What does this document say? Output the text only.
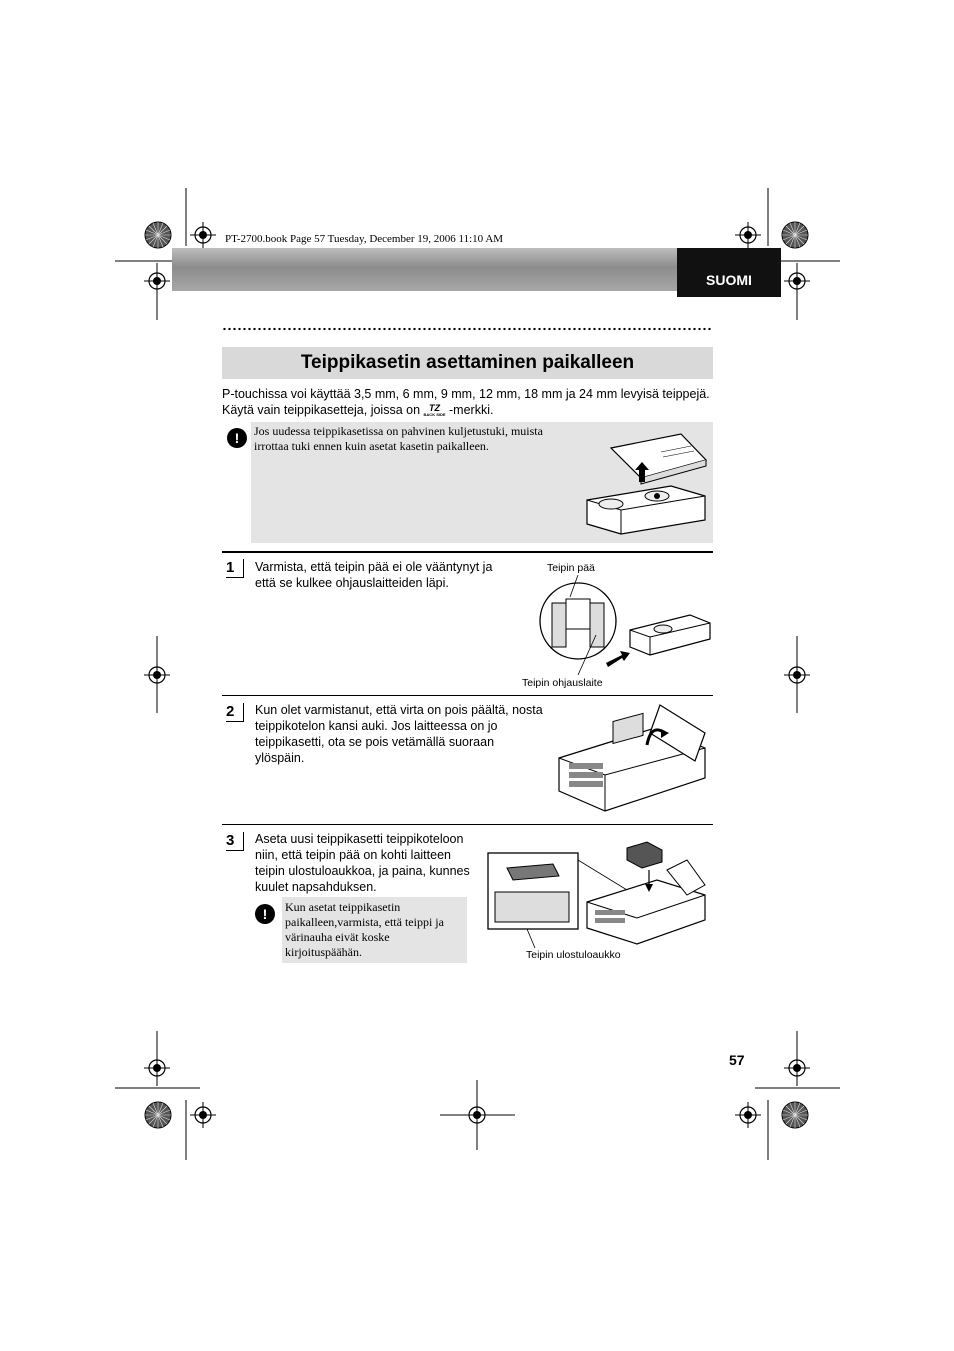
PT-2700.book Page 57 Tuesday, December 19, 2006 11:10 AM
SUOMI
Teippikasetin asettaminen paikalleen
P-touchissa voi käyttää 3,5 mm, 6 mm, 9 mm, 12 mm, 18 mm ja 24 mm levyisä teippejä.
Käytä vain teippikasetteja, joissa on TZ
BACK SIDE -merkki.
!	Jos uudessa teippikasetissa on pahvinen kuljetustuki, muista irrottaa tuki ennen kuin asetat kasetin paikalleen.
1	Varmista, että teipin pää ei ole vääntynyt ja että se kulkee ohjauslaitteiden läpi.
Teipin pää
Teipin ohjauslaite
2	Kun olet varmistanut, että virta on pois päältä, nosta teippikotelon kansi auki. Jos laitteessa on jo teippikasetti, ota se pois vetämällä suoraan ylöspäin.
3	Aseta uusi teippikasetti teippikoteloon niin, että teipin pää on kohti laitteen teipin ulostuloaukkoa, ja paina, kunnes kuulet napsahduksen.
!	Kun asetat teippikasetin paikalleen,varmista, että teippi ja värinauha eivät koske kirjoituspäähän.	Teipin ulostuloaukko
57
